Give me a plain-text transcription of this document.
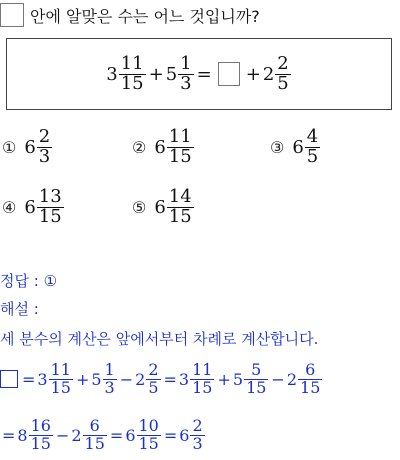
안에 알맞은 수는 어느 것입니까?
$3 \frac{11}{15} + 5 \frac{1}{3}$ = + $2 \frac{2}{5}$
① $6 \frac{2}{3}$	② $6 \frac{11}{15}$	③ $6 \frac{4}{5}$
④ $6 \frac{13}{15}$	⑤ $6 \frac{14}{15}$
정답 : ①
해설 :
세 분수의 계산은 앞에서부터 차례로 계산합니다.
= $3 \frac{11}{15} + 5 \frac{1}{3} - 2 \frac{2}{5} = 3 \frac{11}{15} + 5 \frac{5}{15} - 2 \frac{6}{15}$
= $8 \frac{16}{15} - 2 \frac{6}{15} = 6 \frac{10}{15} = 6 \frac{2}{3}$
